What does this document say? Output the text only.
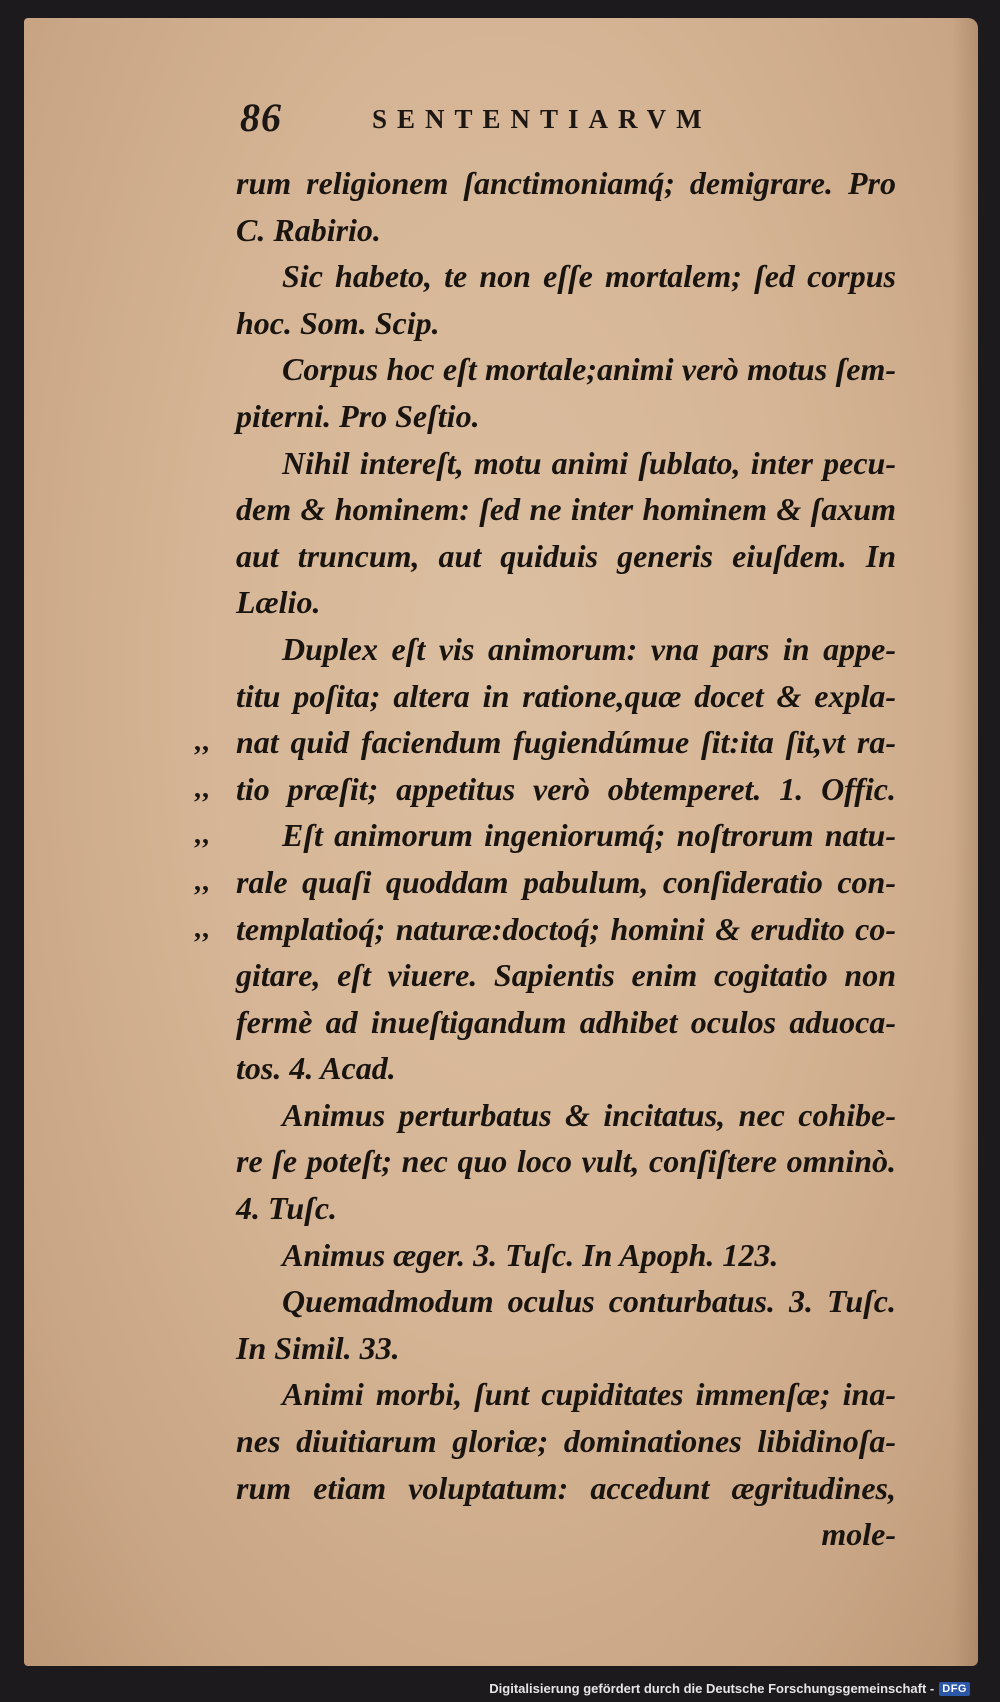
86	SENTENTIARVM
rum religionem ſanctimoniamq́; demigrare. Pro
C. Rabirio.
Sic habeto, te non eſſe mortalem; ſed corpus
hoc. Som. Scip.
Corpus hoc eſt mortale;animi verò motus ſem-
piterni. Pro Seſtio.
Nihil intereſt, motu animi ſublato, inter pecu-
dem & hominem: ſed ne inter hominem & ſaxum
aut truncum, aut quiduis generis eiuſdem. In
Lælio.
Duplex eſt vis animorum: vna pars in appe-
titu poſita; altera in ratione,quæ docet & expla-
,, nat quid faciendum fugiendúmue ſit:ita ſit,vt ra-
,, tio præſit; appetitus verò obtemperet. 1. Offic.
,,	Eſt animorum ingeniorumq́; noſtrorum natu-
,, rale quaſi quoddam pabulum, conſideratio con-
,, templatioq́; naturæ:doctoq́; homini & erudito co-
gitare, eſt viuere. Sapientis enim cogitatio non
fermè ad inueſtigandum adhibet oculos aduoca-
tos. 4. Acad.
Animus perturbatus & incitatus, nec cohibe-
re ſe poteſt; nec quo loco vult, conſiſtere omninò.
4. Tuſc.
Animus æger. 3. Tuſc. In Apoph. 123.
Quemadmodum oculus conturbatus. 3. Tuſc.
In Simil. 33.
Animi morbi, ſunt cupiditates immenſæ; ina-
nes diuitiarum gloriæ; dominationes libidinoſa-
rum etiam voluptatum: accedunt ægritudines,
mole-
Digitalisierung gefördert durch die Deutsche Forschungsgemeinschaft - DFG
